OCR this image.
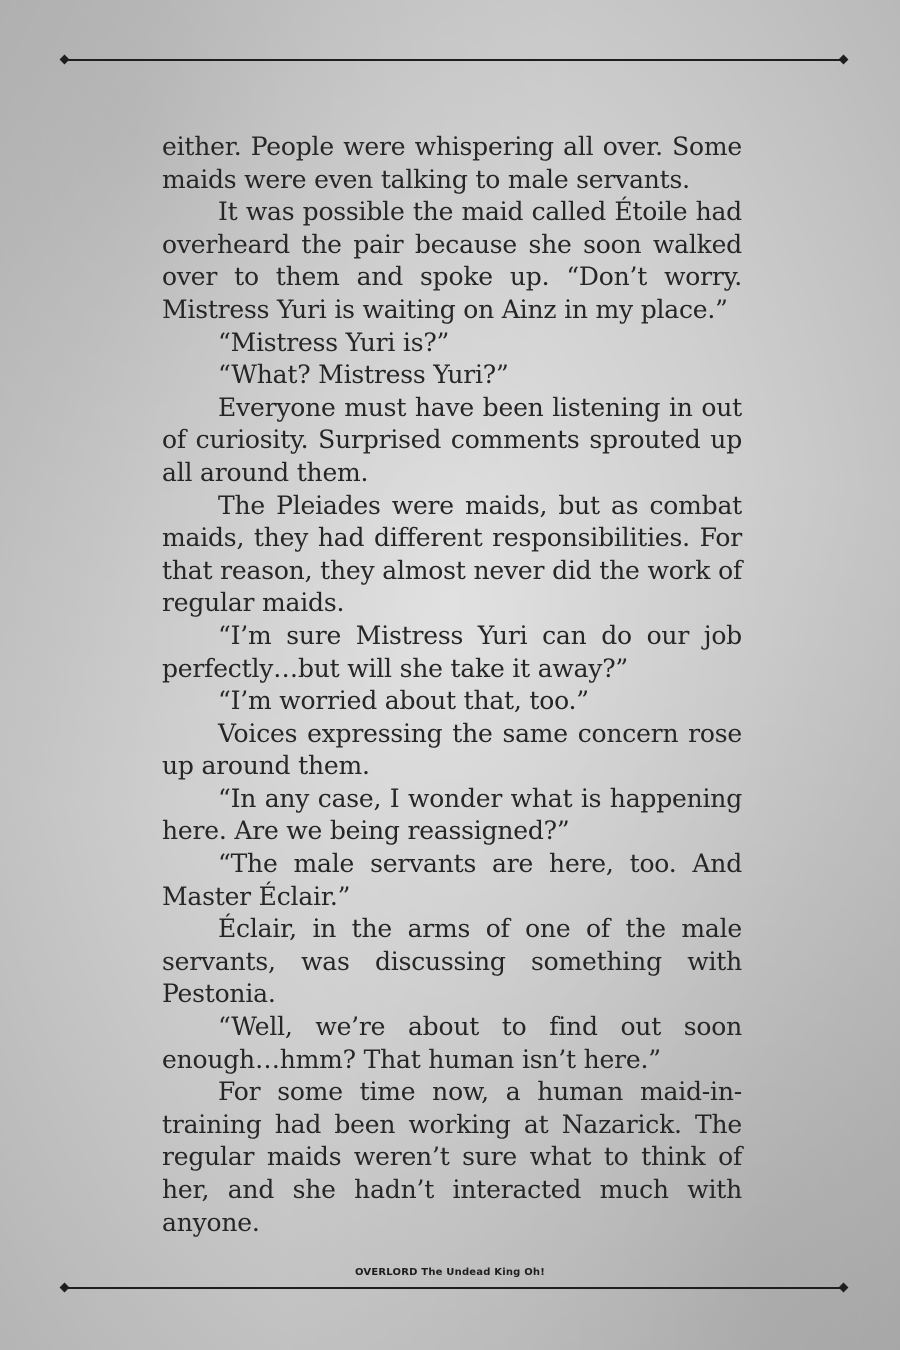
either. People were whispering all over. Some maids were even talking to male servants.

It was possible the maid called Étoile had overheard the pair because she soon walked over to them and spoke up. “Don’t worry. Mistress Yuri is waiting on Ainz in my place.”

“Mistress Yuri is?”

“What? Mistress Yuri?”

Everyone must have been listening in out of curiosity. Surprised comments sprouted up all around them.

The Pleiades were maids, but as combat maids, they had different responsibilities. For that reason, they almost never did the work of regular maids.

“I’m sure Mistress Yuri can do our job perfectly…but will she take it away?”

“I’m worried about that, too.”

Voices expressing the same concern rose up around them.

“In any case, I wonder what is happening here. Are we being reassigned?”

“The male servants are here, too. And Master Éclair.”

Éclair, in the arms of one of the male servants, was discussing something with Pestonia.

“Well, we’re about to find out soon enough…hmm? That human isn’t here.”

For some time now, a human maid-in-training had been working at Nazarick. The regular maids weren’t sure what to think of her, and she hadn’t interacted much with anyone.

OVERLORD The Undead King Oh!
